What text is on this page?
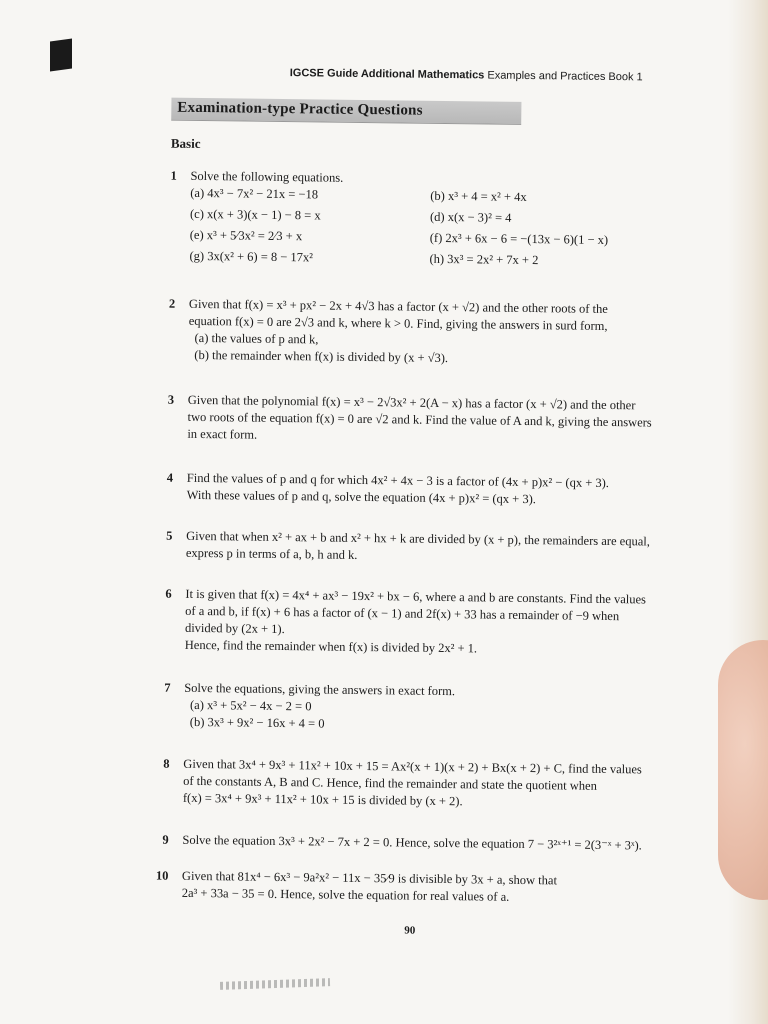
IGCSE Guide Additional Mathematics Examples and Practices Book 1
Examination-type Practice Questions
Basic
1 Solve the following equations.
(a) 4x³ − 7x² − 21x = −18	(b) x³ + 4 = x² + 4x
(c) x(x + 3)(x − 1) − 8 = x	(d) x(x − 3)² = 4
(e) x³ + 5⁄3x² = 2⁄3 + x	(f) 2x³ + 6x − 6 = −(13x − 6)(1 − x)
(g) 3x(x² + 6) = 8 − 17x²	(h) 3x³ = 2x² + 7x + 2
2 Given that f(x) = x³ + px² − 2x + 4√3 has a factor (x + √2) and the other roots of the
equation f(x) = 0 are 2√3 and k, where k > 0. Find, giving the answers in surd form,
(a) the values of p and k,
(b) the remainder when f(x) is divided by (x + √3).
3 Given that the polynomial f(x) = x³ − 2√3x² + 2(A − x) has a factor (x + √2) and the other
two roots of the equation f(x) = 0 are √2 and k. Find the value of A and k, giving the answers
in exact form.
4 Find the values of p and q for which 4x² + 4x − 3 is a factor of (4x + p)x² − (qx + 3).
With these values of p and q, solve the equation (4x + p)x² = (qx + 3).
5 Given that when x² + ax + b and x² + hx + k are divided by (x + p), the remainders are equal,
express p in terms of a, b, h and k.
6 It is given that f(x) = 4x⁴ + ax³ − 19x² + bx − 6, where a and b are constants. Find the values
of a and b, if f(x) + 6 has a factor of (x − 1) and 2f(x) + 33 has a remainder of −9 when
divided by (2x + 1).
Hence, find the remainder when f(x) is divided by 2x² + 1.
7 Solve the equations, giving the answers in exact form.
(a) x³ + 5x² − 4x − 2 = 0
(b) 3x³ + 9x² − 16x + 4 = 0
8 Given that 3x⁴ + 9x³ + 11x² + 10x + 15 = Ax²(x + 1)(x + 2) + Bx(x + 2) + C, find the values
of the constants A, B and C. Hence, find the remainder and state the quotient when
f(x) = 3x⁴ + 9x³ + 11x² + 10x + 15 is divided by (x + 2).
9 Solve the equation 3x³ + 2x² − 7x + 2 = 0. Hence, solve the equation 7 − 3²ˣ⁺¹ = 2(3⁻ˣ + 3ˣ).
10 Given that 81x⁴ − 6x³ − 9a²x² − 11x − 35⁄9 is divisible by 3x + a, show that
2a³ + 33a − 35 = 0. Hence, solve the equation for real values of a.
90
